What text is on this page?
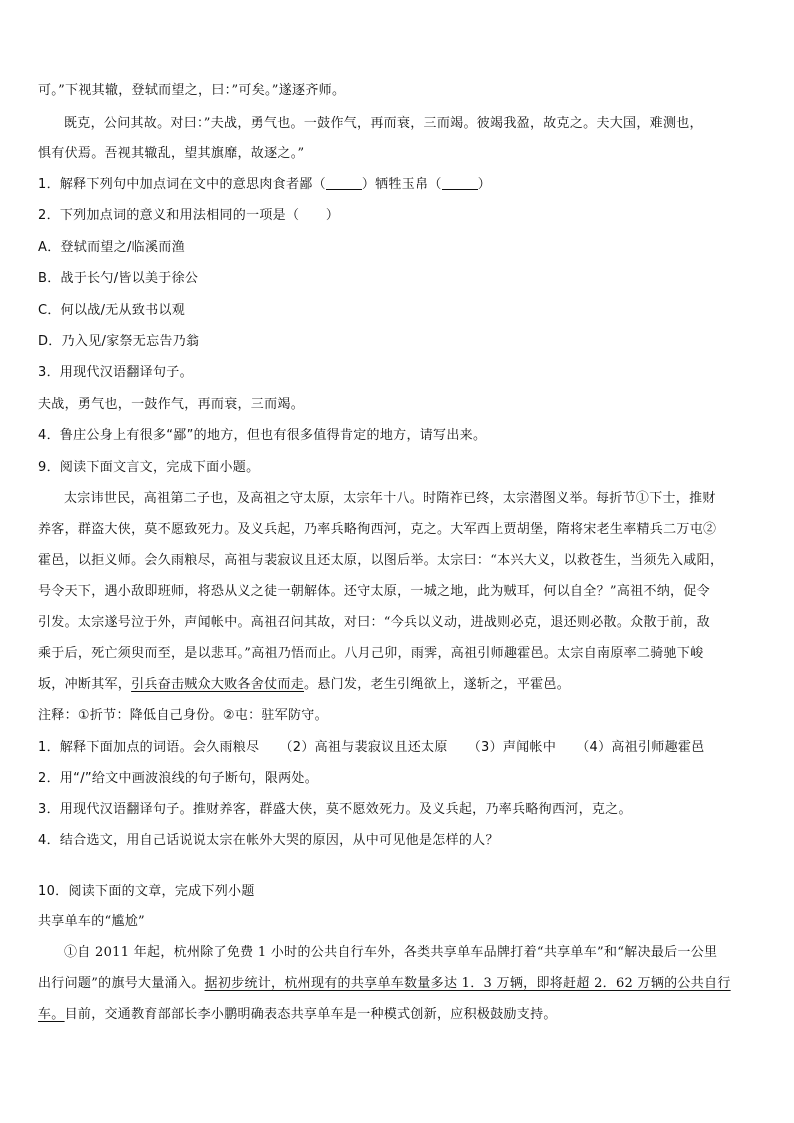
可。”下视其辙，登轼而望之，曰：”可矣。”遂逐齐师。
既克，公问其故。对曰：”夫战，勇气也。一鼓作气，再而衰，三而竭。彼竭我盈，故克之。夫大国，难测也，
惧有伏焉。吾视其辙乱，望其旗靡，故逐之。”
1．解释下列句中加点词在文中的意思肉食者鄙（	）牺牲玉帛（	）
2．下列加点词的意义和用法相同的一项是（　　）
A．登轼而望之/临溪而渔
B．战于长勺/皆以美于徐公
C．何以战/无从致书以观
D．乃入见/家祭无忘告乃翁
3．用现代汉语翻译句子。
夫战，勇气也，一鼓作气，再而衰，三而竭。
4．鲁庄公身上有很多“鄙”的地方，但也有很多值得肯定的地方，请写出来。
9．阅读下面文言文，完成下面小题。
太宗讳世民，高祖第二子也，及高祖之守太原，太宗年十八。时隋祚已终，太宗潜图义举。每折节①下士，推财
养客，群盗大侠，莫不愿致死力。及义兵起，乃率兵略徇西河，克之。大军西上贾胡堡，隋将宋老生率精兵二万屯②
霍邑，以拒义师。会久雨粮尽，高祖与裴寂议且还太原，以图后举。太宗曰：“本兴大义，以救苍生，当须先入咸阳，
号令天下，遇小敌即班师，将恐从义之徒一朝解体。还守太原，一城之地，此为贼耳，何以自全？”高祖不纳，促令
引发。太宗遂号泣于外，声闻帐中。高祖召问其故，对曰：“今兵以义动，进战则必克，退还则必散。众散于前，敌
乘于后，死亡须臾而至，是以悲耳。”高祖乃悟而止。八月己卯，雨霁，高祖引师趣霍邑。太宗自南原率二骑驰下峻
坂，冲断其军，引兵奋击贼众大败各舍仗而走。悬门发，老生引绳欲上，遂斩之，平霍邑。
注释：①折节：降低自己身份。②屯：驻军防守。
1．解释下面加点的词语。会久雨粮尽　　（2）高祖与裴寂议且还太原　　（3）声闻帐中　　（4）高祖引师趣霍邑
2．用“/”给文中画波浪线的句子断句，限两处。
3．用现代汉语翻译句子。推财养客，群盛大侠，莫不愿效死力。及义兵起，乃率兵略徇西河，克之。
4．结合选文，用自己话说说太宗在帐外大哭的原因，从中可见他是怎样的人？
10．阅读下面的文章，完成下列小题
共享单车的“尴尬”
①自 2011 年起，杭州除了免费 1 小时的公共自行车外，各类共享单车品牌打着“共享单车”和“解决最后一公里
出行问题”的旗号大量涌入。据初步统计，杭州现有的共享单车数量多达 1．3 万辆，即将赶超 2．62 万辆的公共自行
车。目前，交通教育部部长李小鹏明确表态共享单车是一种模式创新，应积极鼓励支持。
